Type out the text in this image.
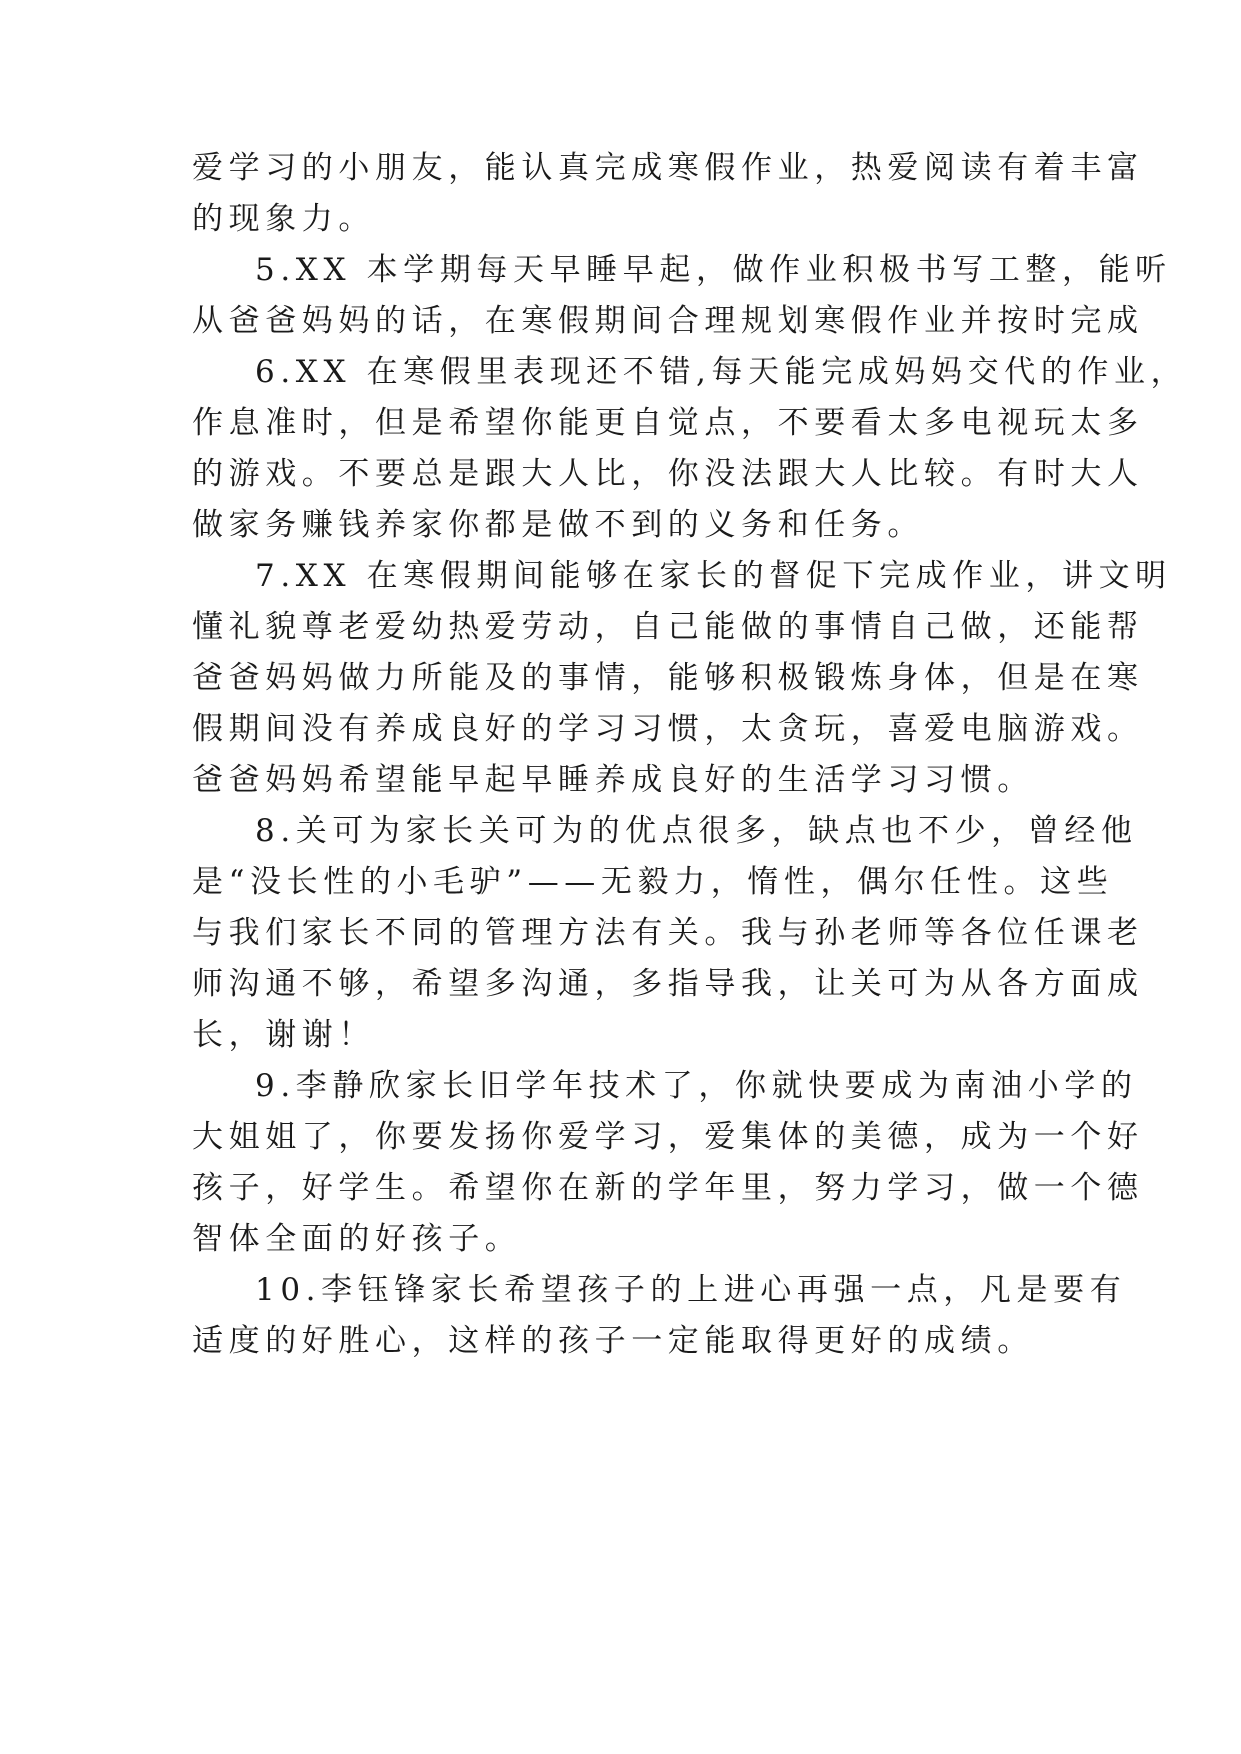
爱学习的小朋友，能认真完成寒假作业，热爱阅读有着丰富
的现象力。
5.XX 本学期每天早睡早起，做作业积极书写工整，能听
从爸爸妈妈的话，在寒假期间合理规划寒假作业并按时完成
6.XX 在寒假里表现还不错,每天能完成妈妈交代的作业，
作息准时，但是希望你能更自觉点，不要看太多电视玩太多
的游戏。不要总是跟大人比，你没法跟大人比较。有时大人
做家务赚钱养家你都是做不到的义务和任务。
7.XX 在寒假期间能够在家长的督促下完成作业，讲文明
懂礼貌尊老爱幼热爱劳动，自己能做的事情自己做，还能帮
爸爸妈妈做力所能及的事情，能够积极锻炼身体，但是在寒
假期间没有养成良好的学习习惯，太贪玩，喜爱电脑游戏。
爸爸妈妈希望能早起早睡养成良好的生活学习习惯。
8.关可为家长关可为的优点很多，缺点也不少，曾经他
是“没长性的小毛驴”——无毅力，惰性，偶尔任性。这些
与我们家长不同的管理方法有关。我与孙老师等各位任课老
师沟通不够，希望多沟通，多指导我，让关可为从各方面成
长，谢谢！
9.李静欣家长旧学年技术了，你就快要成为南油小学的
大姐姐了，你要发扬你爱学习，爱集体的美德，成为一个好
孩子，好学生。希望你在新的学年里，努力学习，做一个德
智体全面的好孩子。
10.李钰锋家长希望孩子的上进心再强一点，凡是要有
适度的好胜心，这样的孩子一定能取得更好的成绩。
